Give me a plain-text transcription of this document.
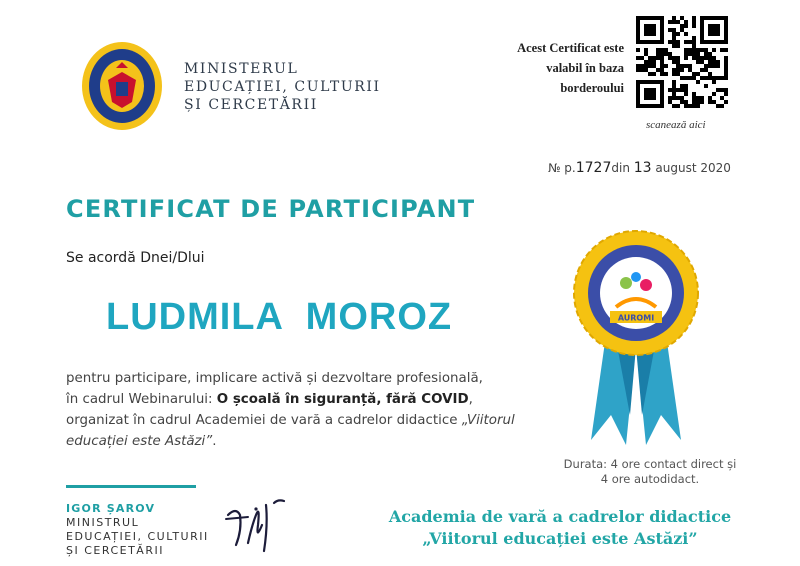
MINISTERUL
EDUCAȚIEI, CULTURII
ȘI CERCETĂRII
Acest Certificat este
valabil în baza
borderoului
scanează aici
№ p.1727din 13 august 2020
CERTIFICAT DE PARTICIPANT
Se acordă Dnei/Dlui
LUDMILA  MOROZ
pentru participare, implicare activă și dezvoltare profesională,
în cadrul Webinarului: O școală în siguranță, fără COVID,
organizat în cadrul Academiei de vară a cadrelor didactice „Viitorul
educației este Astăzi”.
AUROMI
Durata: 4 ore contact direct și 4 ore autodidact.
IGOR ȘAROV
MINISTRUL
EDUCAȚIEI, CULTURII
ȘI CERCETĂRII
Academia de vară a cadrelor didactice
„Viitorul educației este Astăzi”
